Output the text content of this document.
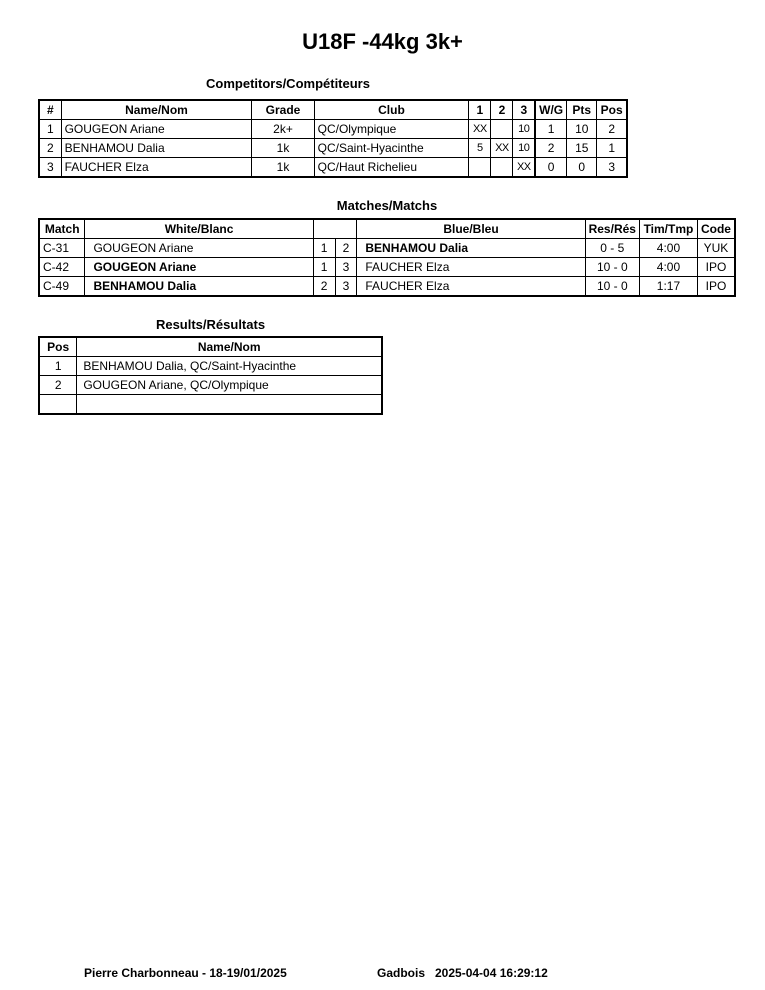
U18F -44kg 3k+
Competitors/Compétiteurs
#	Name/Nom	Grade	Club	1	2	3	W/G	Pts	Pos
1	GOUGEON Ariane	2k+	QC/Olympique	XX		10	1	10	2
2	BENHAMOU Dalia	1k	QC/Saint-Hyacinthe	5	XX	10	2	15	1
3	FAUCHER Elza	1k	QC/Haut Richelieu			XX	0	0	3
Matches/Matchs
Match	White/Blanc			Blue/Bleu	Res/Rés	Tim/Tmp	Code
C-31	GOUGEON Ariane	1	2	BENHAMOU Dalia	0 - 5	4:00	YUK
C-42	GOUGEON Ariane	1	3	FAUCHER Elza	10 - 0	4:00	IPO
C-49	BENHAMOU Dalia	2	3	FAUCHER Elza	10 - 0	1:17	IPO
Results/Résultats
Pos	Name/Nom
1	BENHAMOU Dalia, QC/Saint-Hyacinthe
2	GOUGEON Ariane, QC/Olympique

Pierre Charbonneau - 18-19/01/2025	Gadbois   2025-04-04 16:29:12
